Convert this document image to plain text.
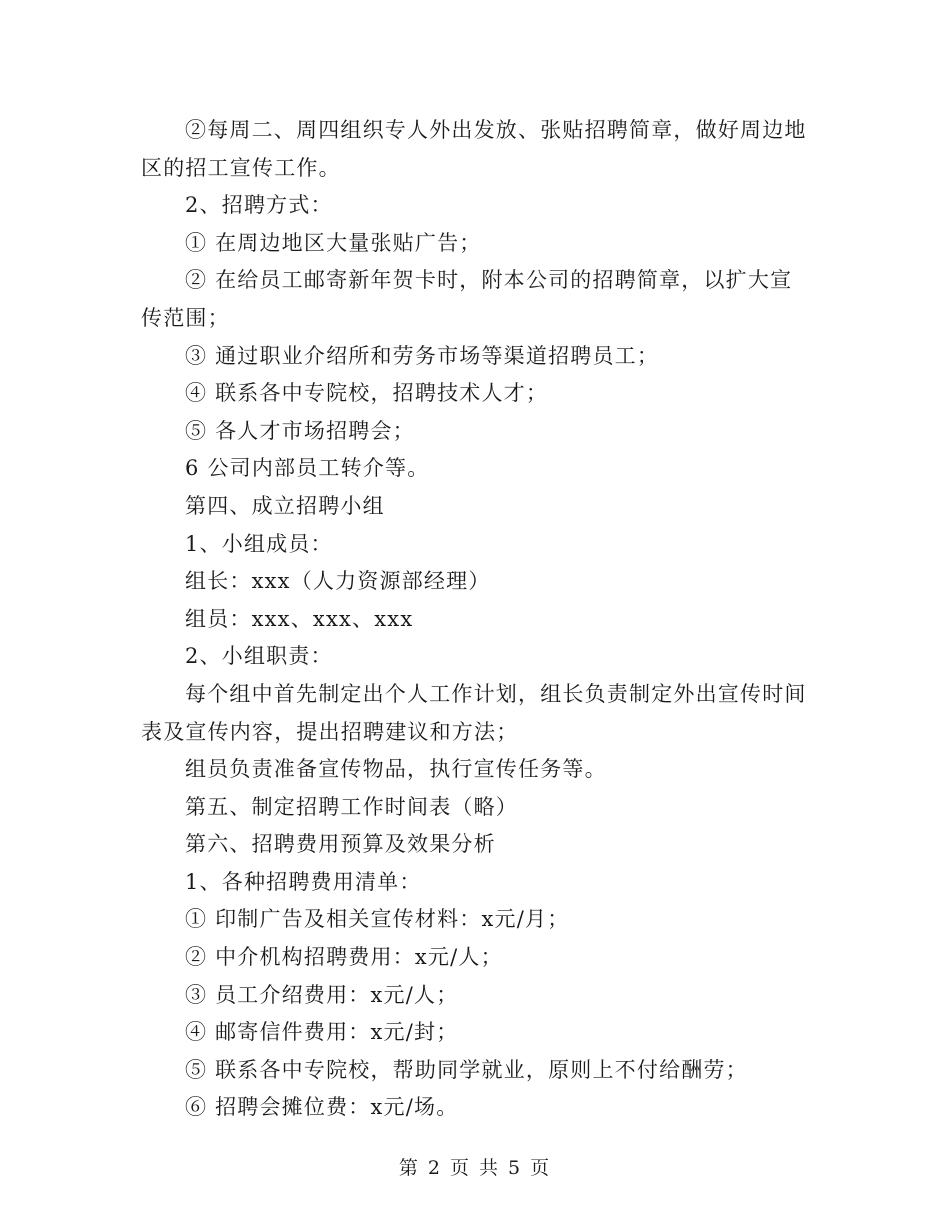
②每周二、周四组织专人外出发放、张贴招聘简章，做好周边地区的招工宣传工作。

2、招聘方式：

① 在周边地区大量张贴广告；

② 在给员工邮寄新年贺卡时，附本公司的招聘简章，以扩大宣传范围；

③ 通过职业介绍所和劳务市场等渠道招聘员工；

④ 联系各中专院校，招聘技术人才；

⑤ 各人才市场招聘会；

6 公司内部员工转介等。

第四、成立招聘小组

1、小组成员：

组长：xxx（人力资源部经理）

组员：xxx、xxx、xxx

2、小组职责：

每个组中首先制定出个人工作计划，组长负责制定外出宣传时间表及宣传内容，提出招聘建议和方法；

组员负责准备宣传物品，执行宣传任务等。

第五、制定招聘工作时间表（略）

第六、招聘费用预算及效果分析

1、各种招聘费用清单：

① 印制广告及相关宣传材料：x元/月；

② 中介机构招聘费用：x元/人；

③ 员工介绍费用：x元/人；

④ 邮寄信件费用：x元/封；

⑤ 联系各中专院校，帮助同学就业，原则上不付给酬劳；

⑥ 招聘会摊位费：x元/场。

第 2 页 共 5 页
